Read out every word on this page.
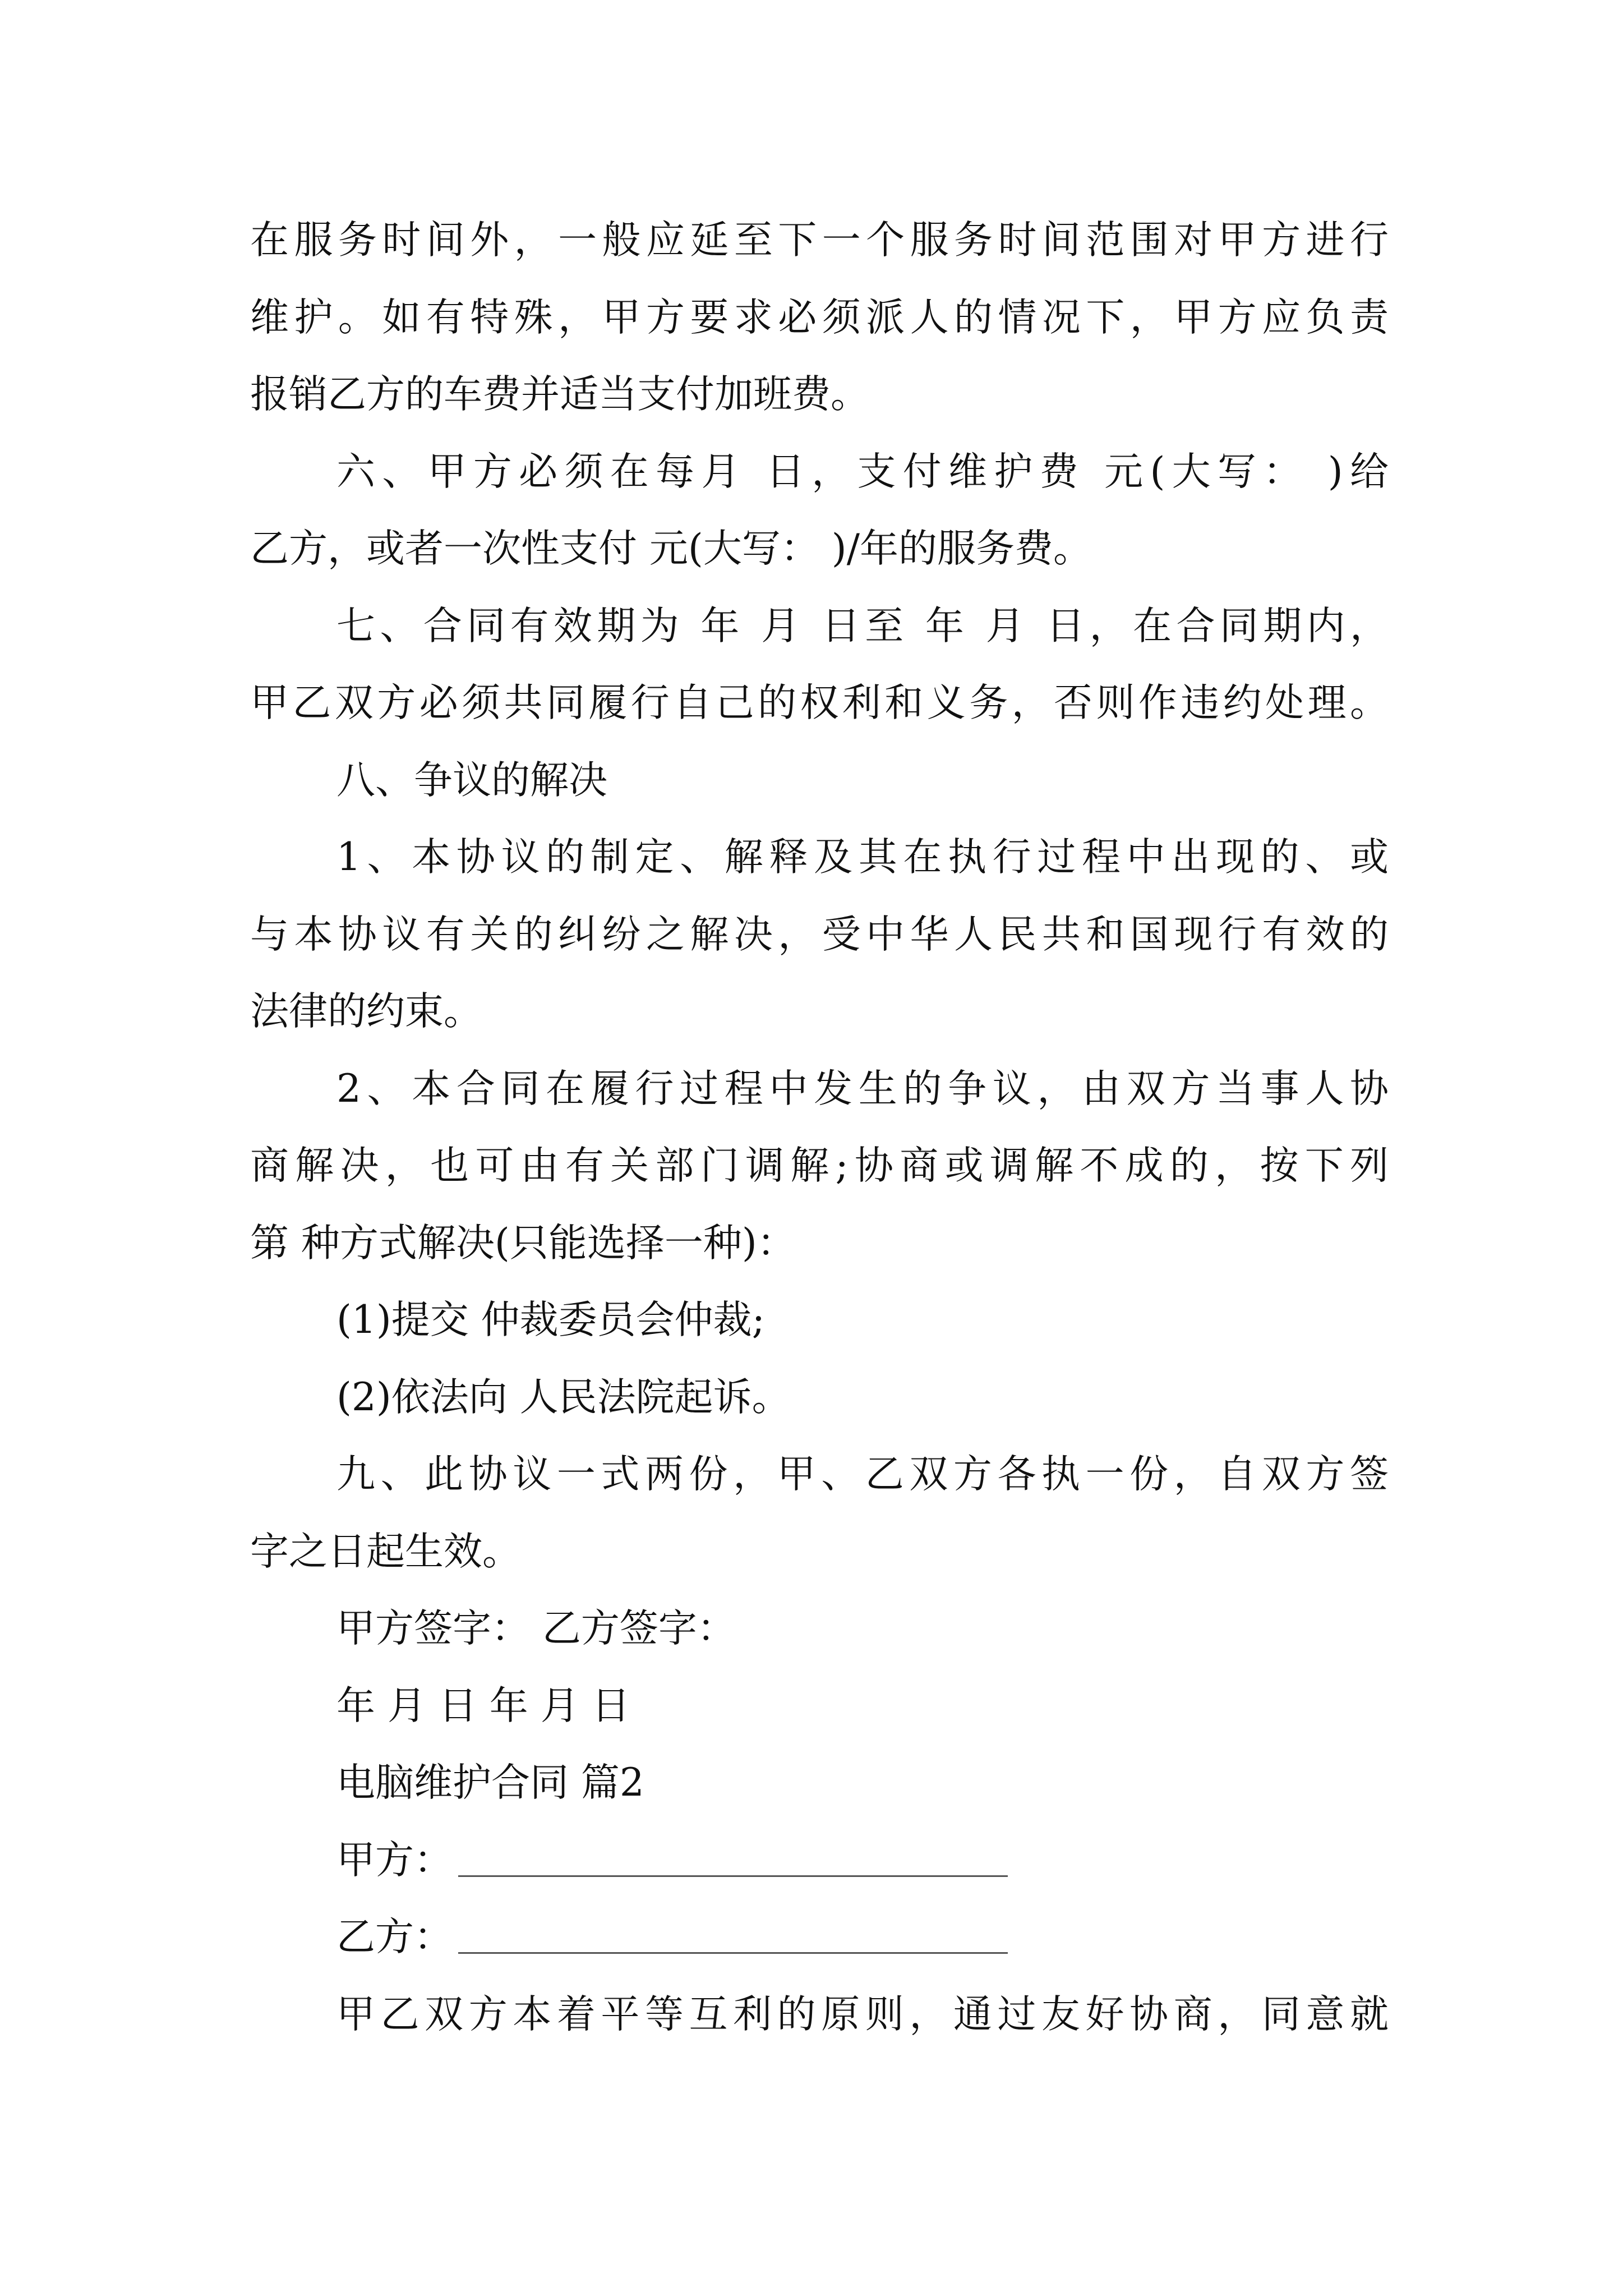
在服务时间外，一般应延至下一个服务时间范围对甲方进行
维护。如有特殊，甲方要求必须派人的情况下，甲方应负责
报销乙方的车费并适当支付加班费。
六、甲方必须在每月 日，支付维护费 元(大写： )给
乙方，或者一次性支付 元(大写： )/年的服务费。
七、合同有效期为 年 月 日至 年 月 日，在合同期内，
甲乙双方必须共同履行自己的权利和义务，否则作违约处理。
八、争议的解决
1、本协议的制定、解释及其在执行过程中出现的、或
与本协议有关的纠纷之解决，受中华人民共和国现行有效的
法律的约束。
2、本合同在履行过程中发生的争议，由双方当事人协
商解决，也可由有关部门调解;协商或调解不成的，按下列
第 种方式解决(只能选择一种)：
(1)提交 仲裁委员会仲裁;
(2)依法向 人民法院起诉。
九、此协议一式两份，甲、乙双方各执一份，自双方签
字之日起生效。
甲方签字： 乙方签字：
年 月 日 年 月 日
电脑维护合同 篇2
甲方：
乙方：
甲乙双方本着平等互利的原则，通过友好协商，同意就
